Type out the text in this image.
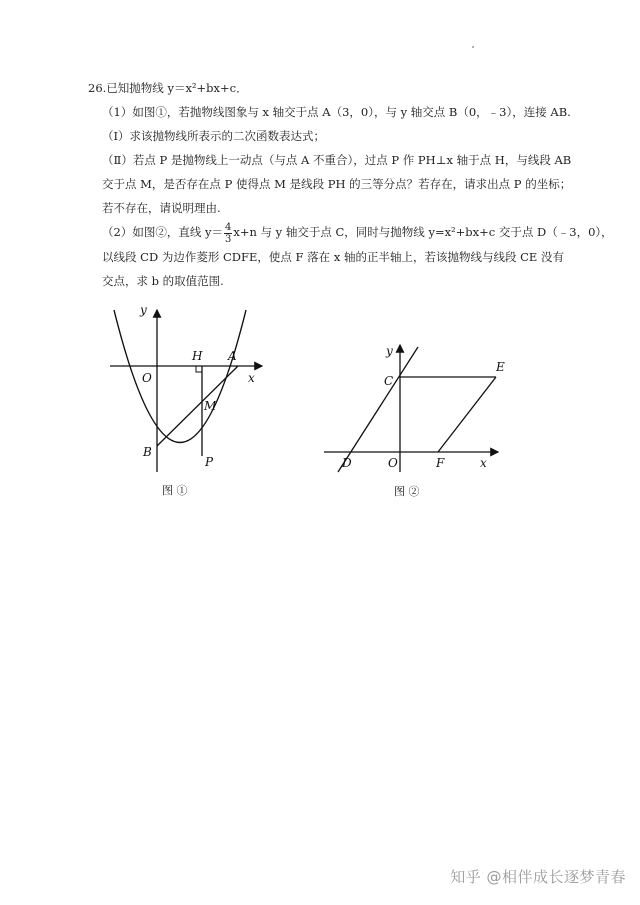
26.已知抛物线 y＝x²+bx+c．
（1）如图①，若抛物线图象与 x 轴交于点 A（3，0），与 y 轴交点 B（0，﹣3），连接 AB.
（Ⅰ）求该抛物线所表示的二次函数表达式；
（Ⅱ）若点 P 是抛物线上一动点（与点 A 不重合），过点 P 作 PH⊥x 轴于点 H，与线段 AB
交于点 M，是否存在点 P 使得点 M 是线段 PH 的三等分点？若存在，请求出点 P 的坐标；
若不存在，请说明理由.
（2）如图②，直线 $y= \frac{4}{3} x+n$ 与 y 轴交于点 C，同时与抛物线 y=x²+bx+c 交于点 D（﹣3，0），
以线段 CD 为边作菱形 CDFE，使点 F 落在 x 轴的正半轴上，若该抛物线与线段 CE 没有
交点，求 b 的取值范围.
y
x
O
H A
M
B
P
图 ①
y
x
O
C
E
D	F
图 ②
知乎 @相伴成长逐梦青春
